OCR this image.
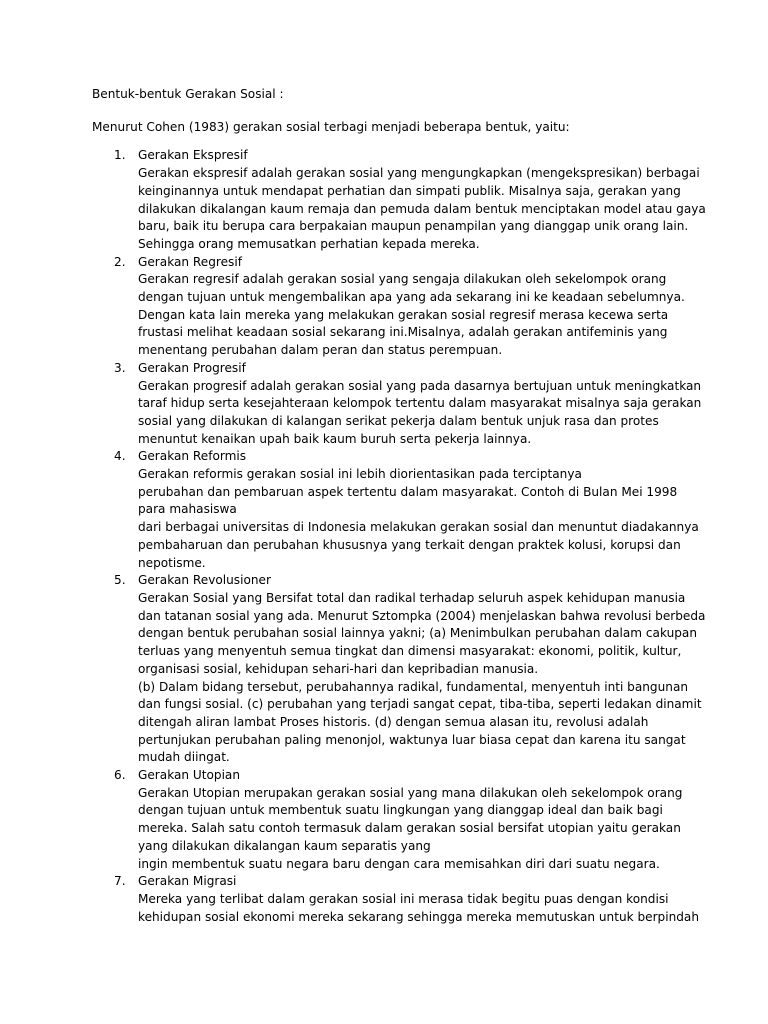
Bentuk-bentuk Gerakan Sosial :

Menurut Cohen (1983) gerakan sosial terbagi menjadi beberapa bentuk, yaitu:

1. Gerakan Ekspresif
Gerakan ekspresif adalah gerakan sosial yang mengungkapkan (mengekspresikan) berbagai
keinginannya untuk mendapat perhatian dan simpati publik. Misalnya saja, gerakan yang
dilakukan dikalangan kaum remaja dan pemuda dalam bentuk menciptakan model atau gaya
baru, baik itu berupa cara berpakaian maupun penampilan yang dianggap unik orang lain.
Sehingga orang memusatkan perhatian kepada mereka.
2. Gerakan Regresif
Gerakan regresif adalah gerakan sosial yang sengaja dilakukan oleh sekelompok orang
dengan tujuan untuk mengembalikan apa yang ada sekarang ini ke keadaan sebelumnya.
Dengan kata lain mereka yang melakukan gerakan sosial regresif merasa kecewa serta
frustasi melihat keadaan sosial sekarang ini.Misalnya, adalah gerakan antifeminis yang
menentang perubahan dalam peran dan status perempuan.
3. Gerakan Progresif
Gerakan progresif adalah gerakan sosial yang pada dasarnya bertujuan untuk meningkatkan
taraf hidup serta kesejahteraan kelompok tertentu dalam masyarakat misalnya saja gerakan
sosial yang dilakukan di kalangan serikat pekerja dalam bentuk unjuk rasa dan protes
menuntut kenaikan upah baik kaum buruh serta pekerja lainnya.
4. Gerakan Reformis
Gerakan reformis gerakan sosial ini lebih diorientasikan pada terciptanya
perubahan dan pembaruan aspek tertentu dalam masyarakat. Contoh di Bulan Mei 1998
para mahasiswa
dari berbagai universitas di Indonesia melakukan gerakan sosial dan menuntut diadakannya
pembaharuan dan perubahan khususnya yang terkait dengan praktek kolusi, korupsi dan
nepotisme.
5. Gerakan Revolusioner
Gerakan Sosial yang Bersifat total dan radikal terhadap seluruh aspek kehidupan manusia
dan tatanan sosial yang ada. Menurut Sztompka (2004) menjelaskan bahwa revolusi berbeda
dengan bentuk perubahan sosial lainnya yakni; (a) Menimbulkan perubahan dalam cakupan
terluas yang menyentuh semua tingkat dan dimensi masyarakat: ekonomi, politik, kultur,
organisasi sosial, kehidupan sehari-hari dan kepribadian manusia.
(b) Dalam bidang tersebut, perubahannya radikal, fundamental, menyentuh inti bangunan
dan fungsi sosial. (c) perubahan yang terjadi sangat cepat, tiba-tiba, seperti ledakan dinamit
ditengah aliran lambat Proses historis. (d) dengan semua alasan itu, revolusi adalah
pertunjukan perubahan paling menonjol, waktunya luar biasa cepat dan karena itu sangat
mudah diingat.
6. Gerakan Utopian
Gerakan Utopian merupakan gerakan sosial yang mana dilakukan oleh sekelompok orang
dengan tujuan untuk membentuk suatu lingkungan yang dianggap ideal dan baik bagi
mereka. Salah satu contoh termasuk dalam gerakan sosial bersifat utopian yaitu gerakan
yang dilakukan dikalangan kaum separatis yang
ingin membentuk suatu negara baru dengan cara memisahkan diri dari suatu negara.
7. Gerakan Migrasi
Mereka yang terlibat dalam gerakan sosial ini merasa tidak begitu puas dengan kondisi
kehidupan sosial ekonomi mereka sekarang sehingga mereka memutuskan untuk berpindah
